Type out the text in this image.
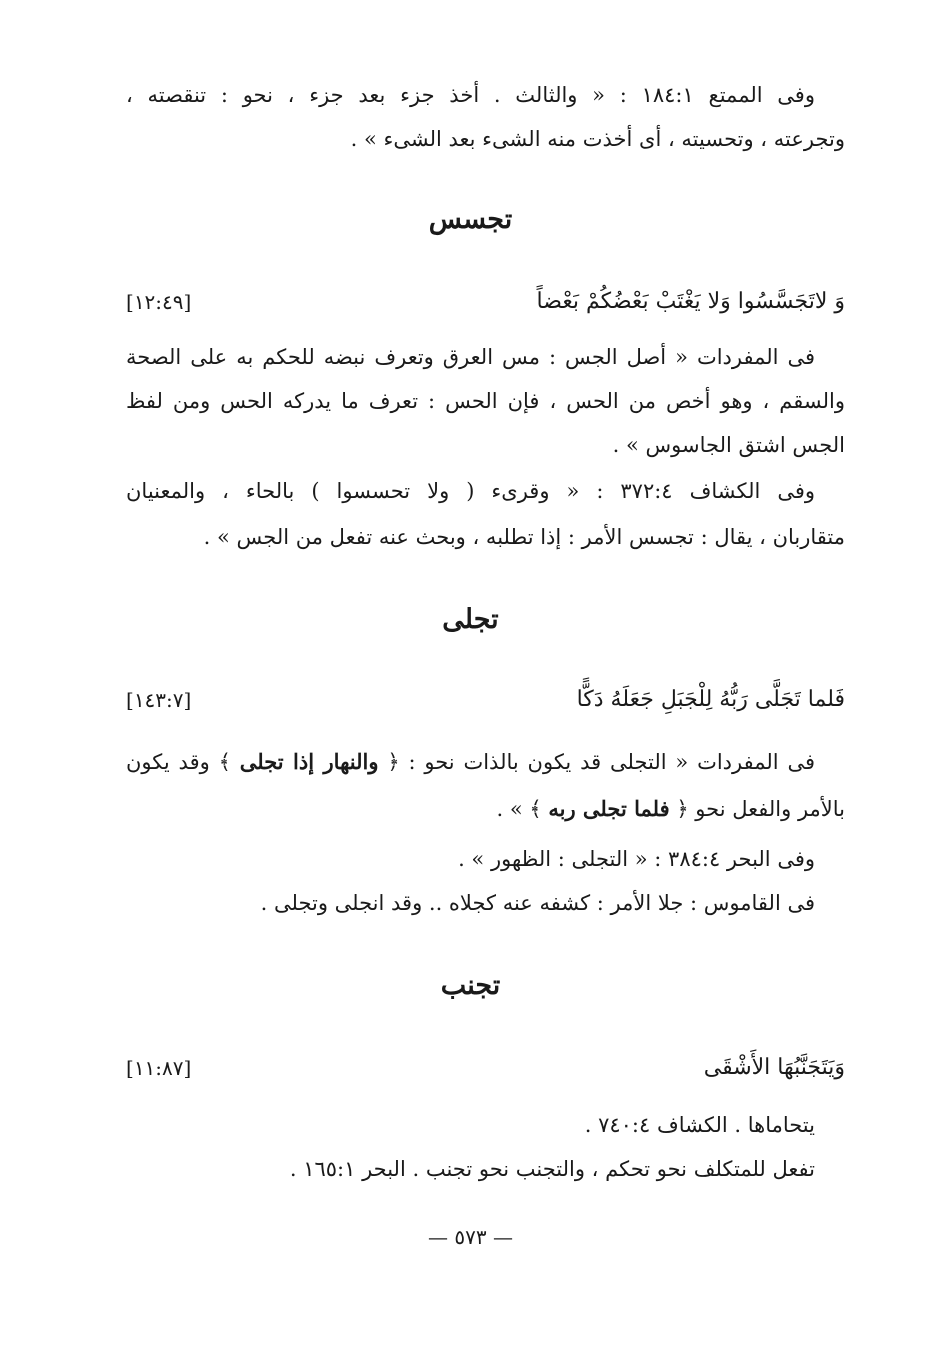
وفى الممتع ١٨٤:١ : « والثالث . أخذ جزء بعد جزء ، نحو : تنقصته ،
وتجرعته ، وتحسيته ، أى أخذت منه الشىء بعد الشىء » .
تجسس
وَ لاتَجَسَّسُوا وَلا يَغْتَبْ بَعْضُكُمْ بَعْضاً
[١٢:٤٩]
فى المفردات « أصل الجس : مس العرق وتعرف نبضه للحكم به على الصحة
والسقم ، وهو أخص من الحس ، فإن الحس : تعرف ما يدركه الحس ومن لفظ
الجس اشتق الجاسوس » .
وفى الكشاف ٣٧٢:٤ : « وقرىء ( ولا تحسسوا ) بالحاء ، والمعنيان
متقاربان ، يقال : تجسس الأمر : إذا تطلبه ، وبحث عنه تفعل من الجس » .
تجلى
فَلما تَجَلَّى رَبُّهُ لِلْجَبَلِ جَعَلَهُ دَكًّا
[١٤٣:٧]
فى المفردات « التجلى قد يكون بالذات نحو : ﴿ والنهار إذا تجلى ﴾ وقد يكون
بالأمر والفعل نحو ﴿ فلما تجلى ربه ﴾ » .
وفى البحر ٣٨٤:٤ : « التجلى : الظهور » .
فى القاموس : جلا الأمر : كشفه عنه كجلاه .. وقد انجلى وتجلى .
تجنب
وَيَتَجَنَّبُهَا الأَشْقَى
[١١:٨٧]
يتحاماها . الكشاف ٧٤٠:٤ .
تفعل للمتكلف نحو تحكم ، والتجنب نحو تجنب . البحر ١٦٥:١ .
— ٥٧٣ —
